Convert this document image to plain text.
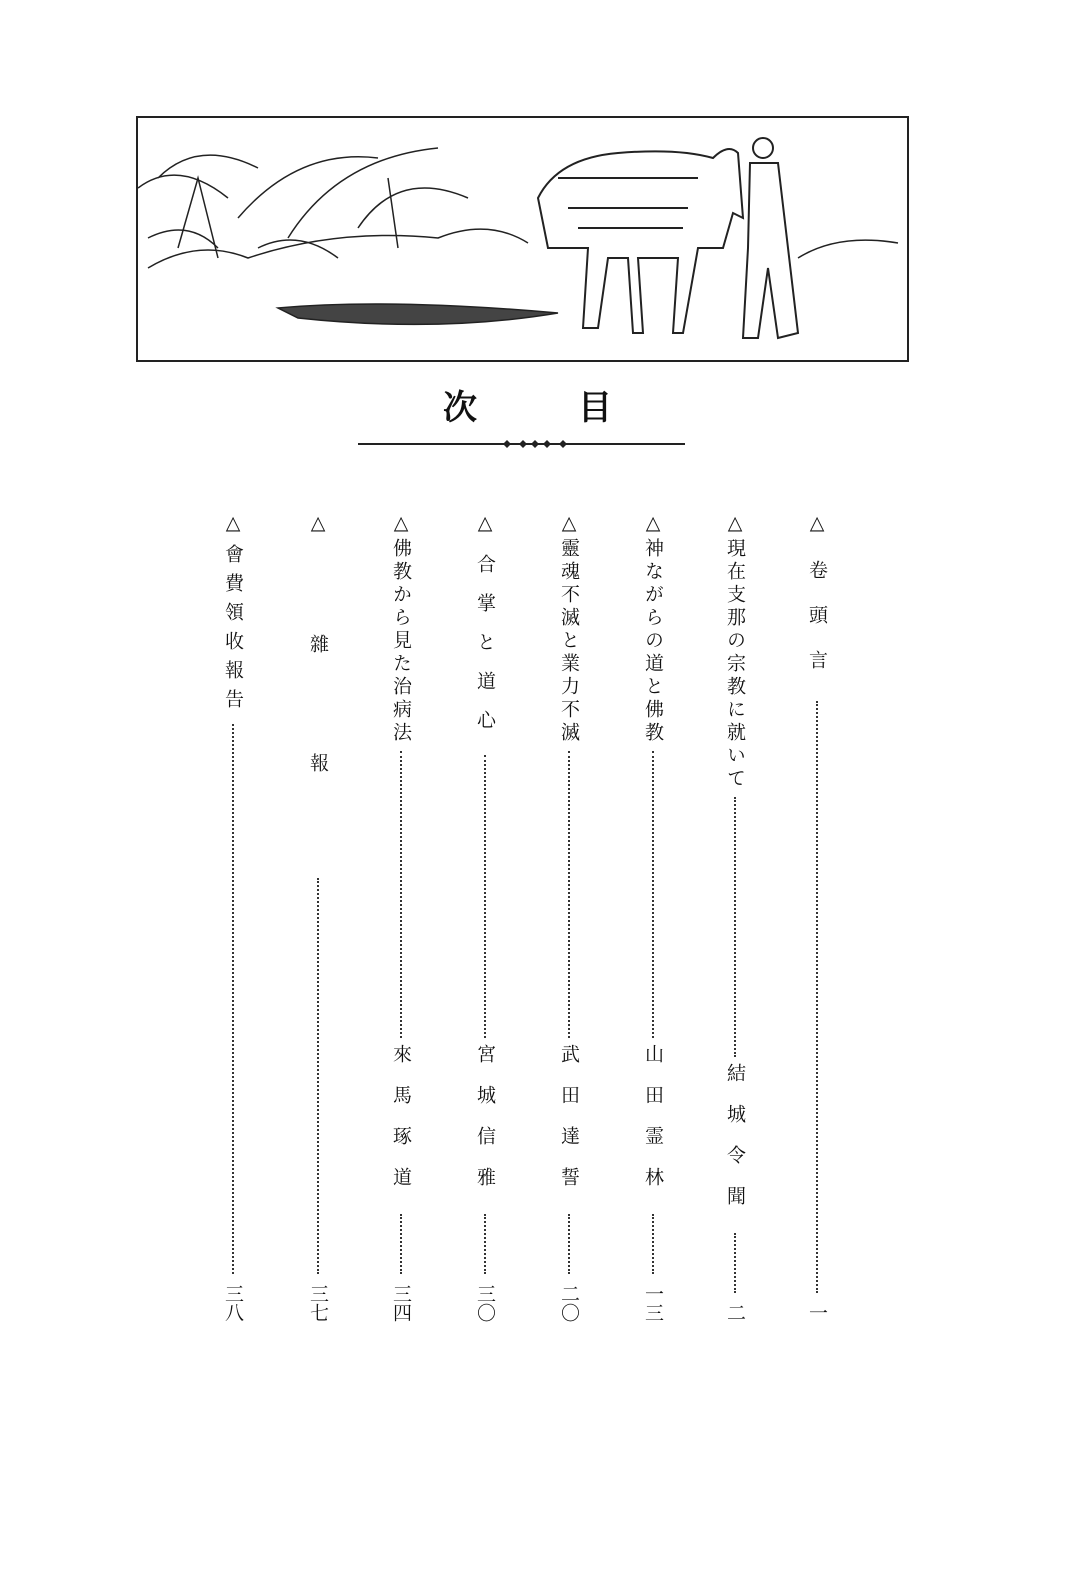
次	目
△卷頭言
一
△現在支那の宗教に就いて
結城令聞
二
△神ながらの道と佛教
山田霊林
一三
△靈魂不滅と業力不滅
武田達誓
二〇
△合掌と道心
宮城信雅
三〇
△佛教から見た治病法
來馬琢道
三四
△雜報
三七
△會費領收報告
三八
